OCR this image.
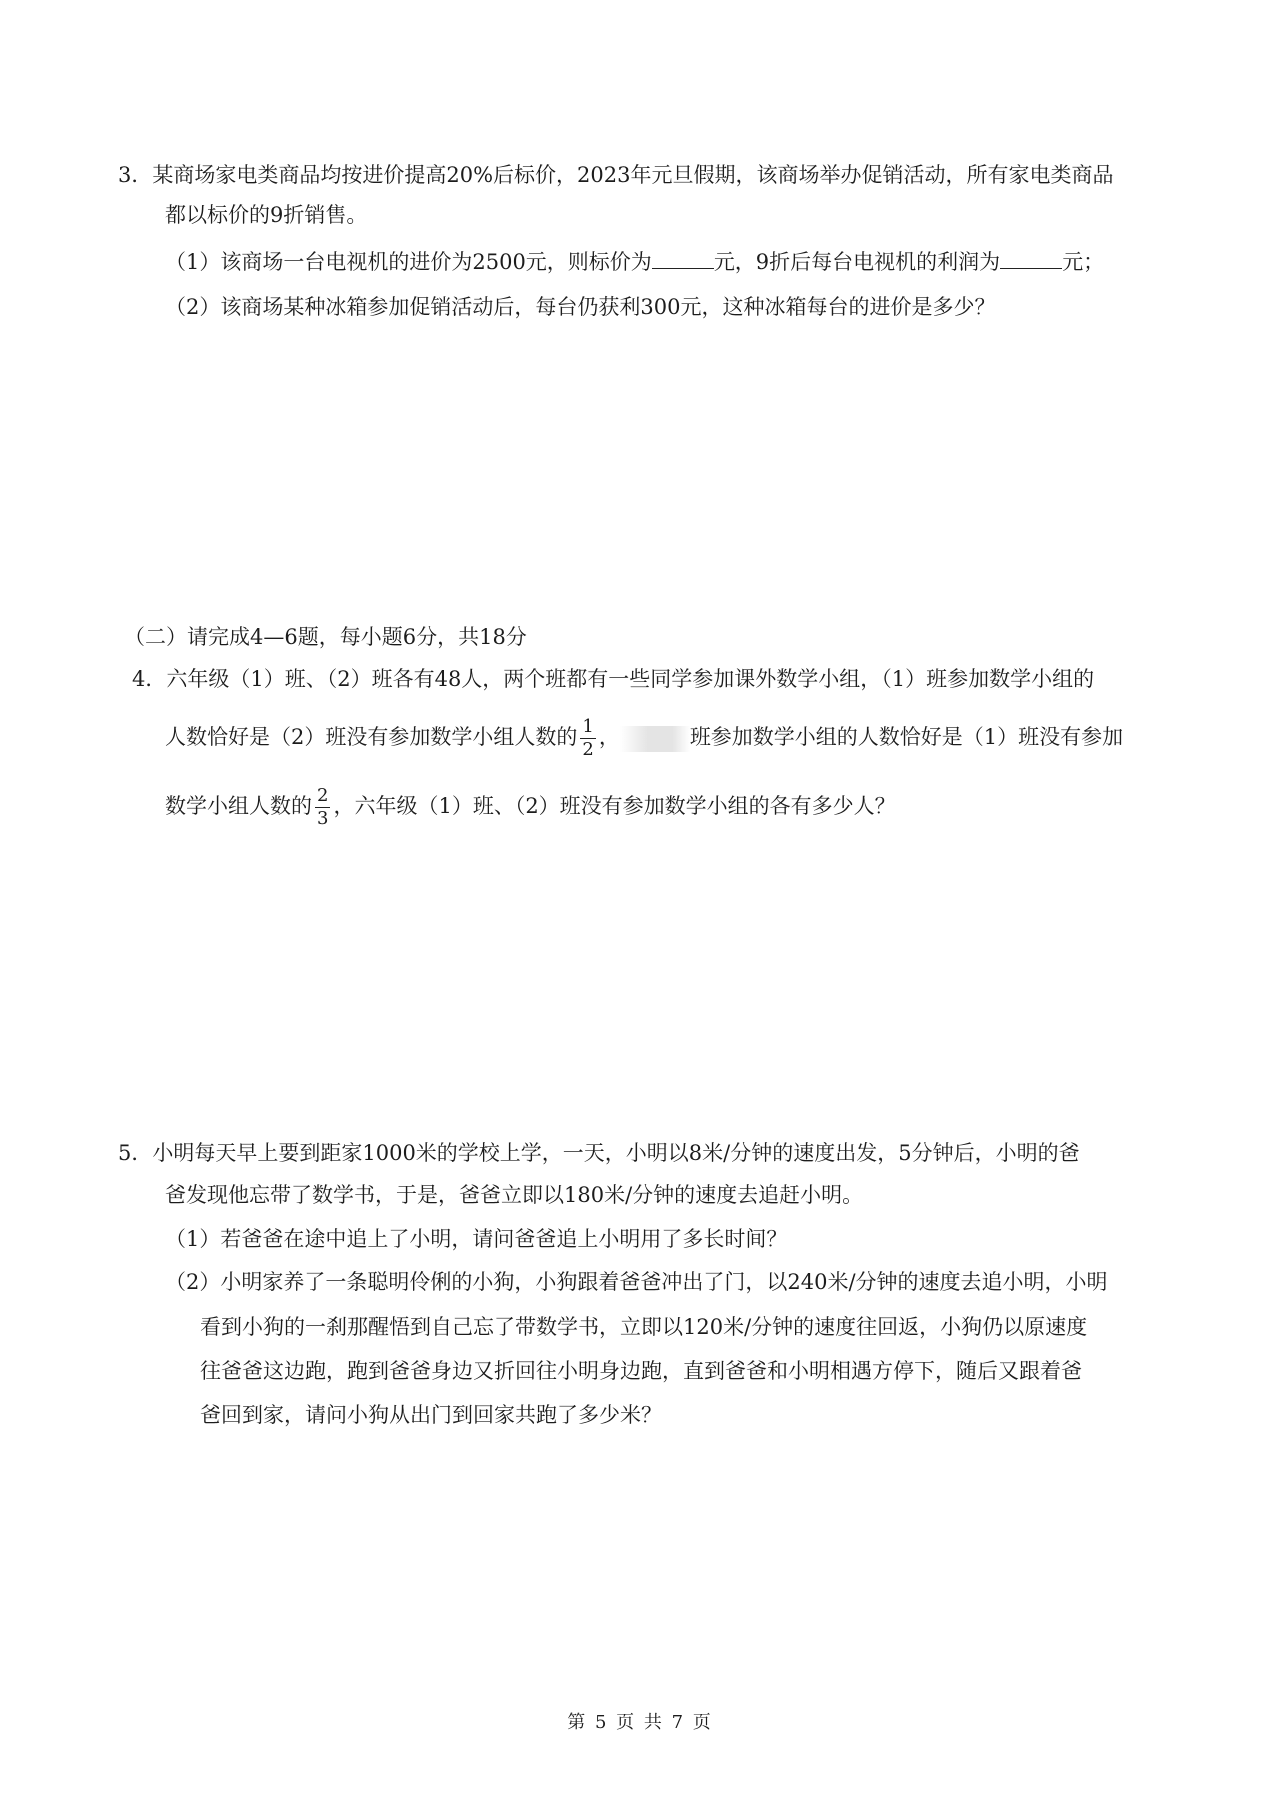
3．某商场家电类商品均按进价提高20%后标价，2023年元旦假期，该商场举办促销活动，所有家电类商品
都以标价的9折销售。
（1）该商场一台电视机的进价为2500元，则标价为	元，9折后每台电视机的利润为	元；
（2）该商场某种冰箱参加促销活动后，每台仍获利300元，这种冰箱每台的进价是多少？
（二）请完成4—6题，每小题6分，共18分
4．六年级（1）班、（2）班各有48人，两个班都有一些同学参加课外数学小组，（1）班参加数学小组的
人数恰好是（2）班没有参加数学小组人数的 $\frac{1}{2}$ ，	班参加数学小组的人数恰好是（1）班没有参加
数学小组人数的 $\frac{2}{3}$ ，六年级（1）班、（2）班没有参加数学小组的各有多少人？
5．小明每天早上要到距家1000米的学校上学，一天，小明以8米/分钟的速度出发，5分钟后，小明的爸
爸发现他忘带了数学书，于是，爸爸立即以180米/分钟的速度去追赶小明。
（1）若爸爸在途中追上了小明，请问爸爸追上小明用了多长时间？
（2）小明家养了一条聪明伶俐的小狗，小狗跟着爸爸冲出了门，以240米/分钟的速度去追小明，小明
看到小狗的一刹那醒悟到自己忘了带数学书，立即以120米/分钟的速度往回返，小狗仍以原速度
往爸爸这边跑，跑到爸爸身边又折回往小明身边跑，直到爸爸和小明相遇方停下，随后又跟着爸
爸回到家，请问小狗从出门到回家共跑了多少米？
第 5 页 共 7 页
